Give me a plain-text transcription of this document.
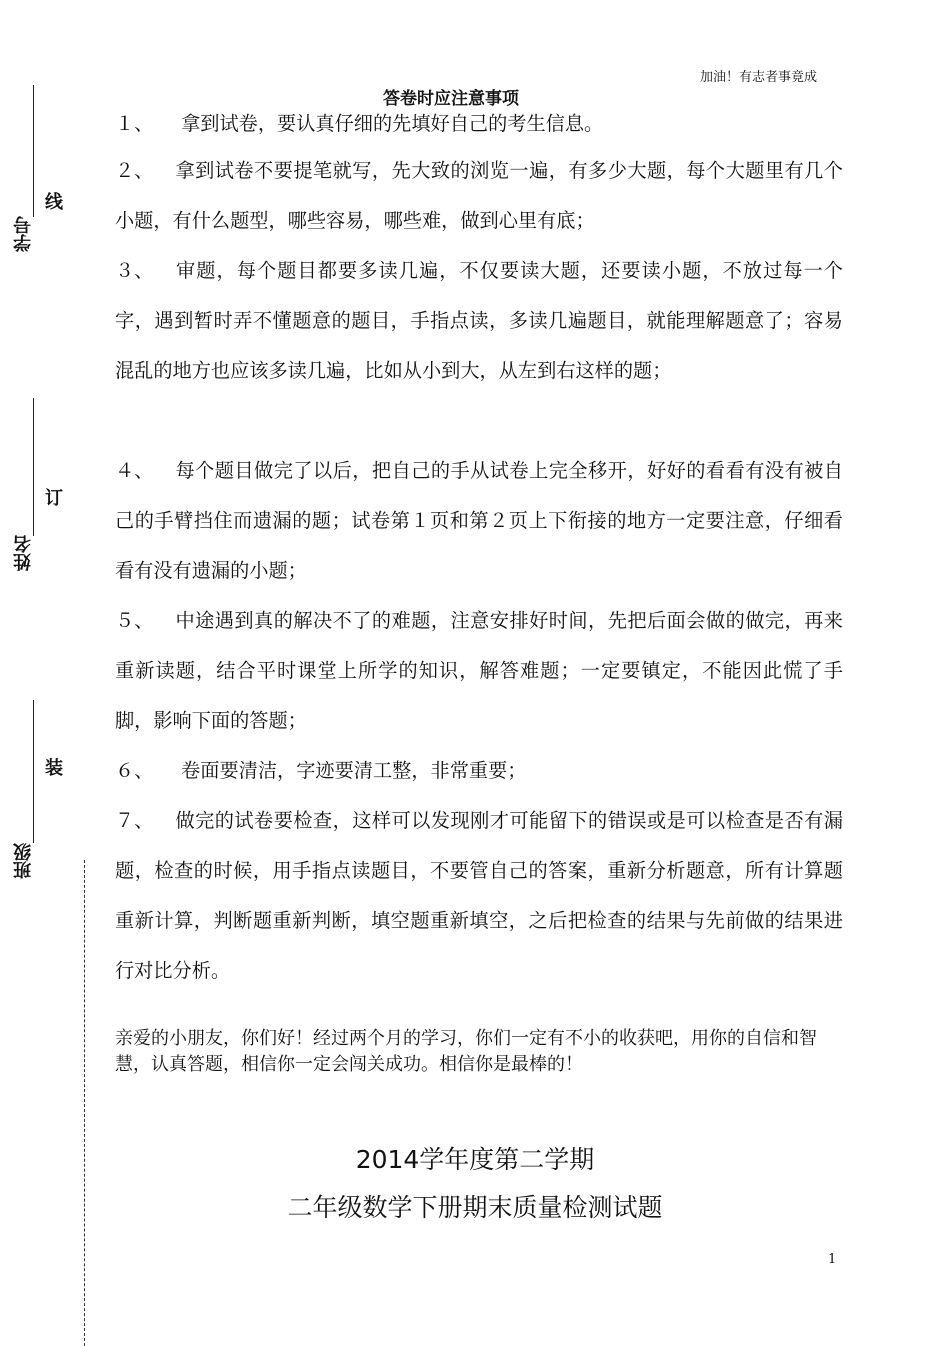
加油！有志者事竟成
答卷时应注意事项
１、 拿到试卷，要认真仔细的先填好自己的考生信息。
２、 拿到试卷不要提笔就写，先大致的浏览一遍，有多少大题，每个大题里有几个小题，有什么题型，哪些容易，哪些难，做到心里有底；
３、 审题，每个题目都要多读几遍，不仅要读大题，还要读小题，不放过每一个字，遇到暂时弄不懂题意的题目，手指点读，多读几遍题目，就能理解题意了；容易混乱的地方也应该多读几遍，比如从小到大，从左到右这样的题；
４、 每个题目做完了以后，把自己的手从试卷上完全移开，好好的看看有没有被自己的手臂挡住而遗漏的题；试卷第１页和第２页上下衔接的地方一定要注意，仔细看看有没有遗漏的小题；
５、 中途遇到真的解决不了的难题，注意安排好时间，先把后面会做的做完，再来重新读题，结合平时课堂上所学的知识，解答难题；一定要镇定，不能因此慌了手脚，影响下面的答题；
６、 卷面要清洁，字迹要清工整，非常重要；
７、 做完的试卷要检查，这样可以发现刚才可能留下的错误或是可以检查是否有漏题，检查的时候，用手指点读题目，不要管自己的答案，重新分析题意，所有计算题重新计算，判断题重新判断，填空题重新填空，之后把检查的结果与先前做的结果进行对比分析。
亲爱的小朋友，你们好！经过两个月的学习，你们一定有不小的收获吧，用你的自信和智慧，认真答题，相信你一定会闯关成功。相信你是最棒的！
2014学年度第二学期
二年级数学下册期末质量检测试题
1
学号
线
姓名
订
班级
装
